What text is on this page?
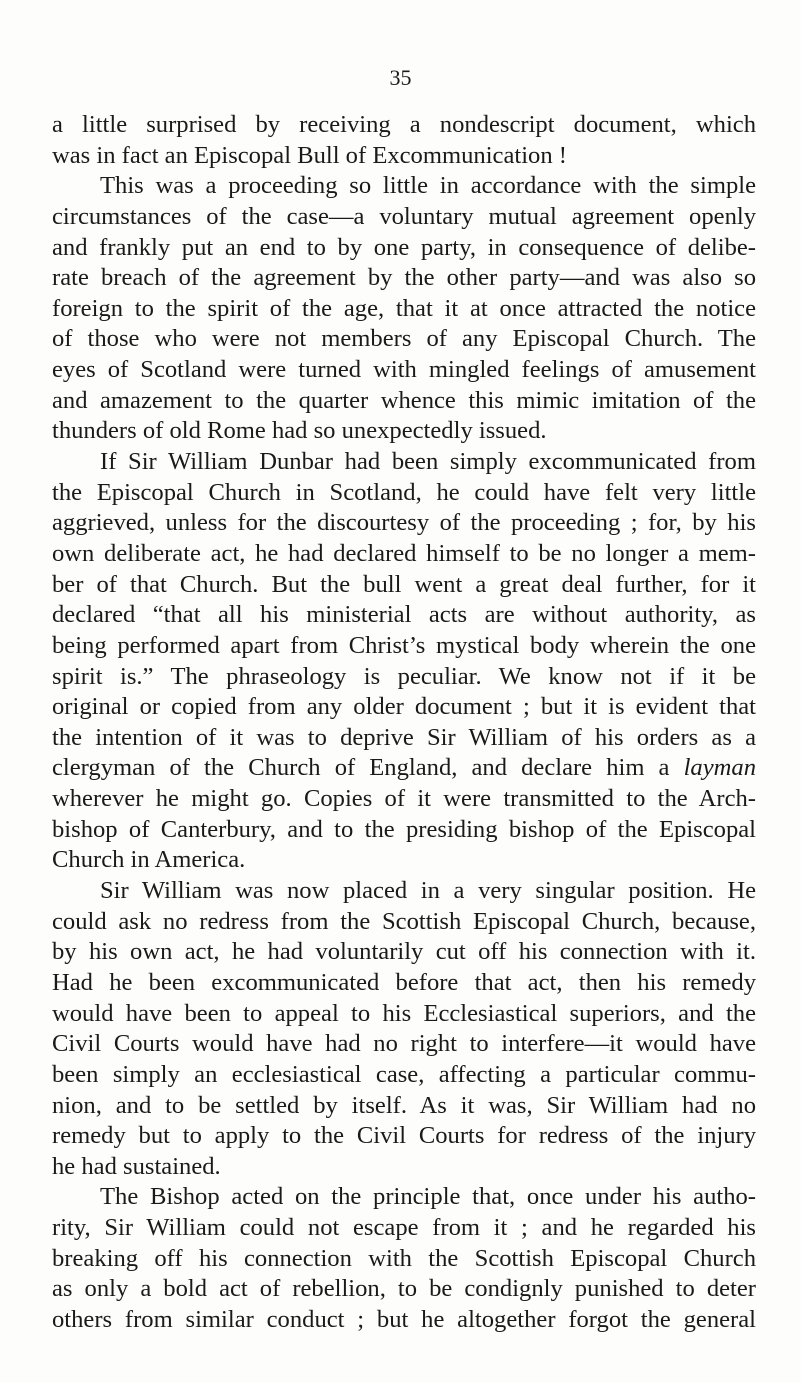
35
a little surprised by receiving a nondescript document, which
was in fact an Episcopal Bull of Excommunication !
This was a proceeding so little in accordance with the simple
circumstances of the case—a voluntary mutual agreement openly
and frankly put an end to by one party, in consequence of delibe-
rate breach of the agreement by the other party—and was also so
foreign to the spirit of the age, that it at once attracted the notice
of those who were not members of any Episcopal Church. The
eyes of Scotland were turned with mingled feelings of amusement
and amazement to the quarter whence this mimic imitation of the
thunders of old Rome had so unexpectedly issued.
If Sir William Dunbar had been simply excommunicated from
the Episcopal Church in Scotland, he could have felt very little
aggrieved, unless for the discourtesy of the proceeding ; for, by his
own deliberate act, he had declared himself to be no longer a mem-
ber of that Church. But the bull went a great deal further, for it
declared “that all his ministerial acts are without authority, as
being performed apart from Christ’s mystical body wherein the one
spirit is.” The phraseology is peculiar. We know not if it be
original or copied from any older document ; but it is evident that
the intention of it was to deprive Sir William of his orders as a
clergyman of the Church of England, and declare him a layman
wherever he might go. Copies of it were transmitted to the Arch-
bishop of Canterbury, and to the presiding bishop of the Episcopal
Church in America.
Sir William was now placed in a very singular position. He
could ask no redress from the Scottish Episcopal Church, because,
by his own act, he had voluntarily cut off his connection with it.
Had he been excommunicated before that act, then his remedy
would have been to appeal to his Ecclesiastical superiors, and the
Civil Courts would have had no right to interfere—it would have
been simply an ecclesiastical case, affecting a particular commu-
nion, and to be settled by itself. As it was, Sir William had no
remedy but to apply to the Civil Courts for redress of the injury
he had sustained.
The Bishop acted on the principle that, once under his autho-
rity, Sir William could not escape from it ; and he regarded his
breaking off his connection with the Scottish Episcopal Church
as only a bold act of rebellion, to be condignly punished to deter
others from similar conduct ; but he altogether forgot the general
